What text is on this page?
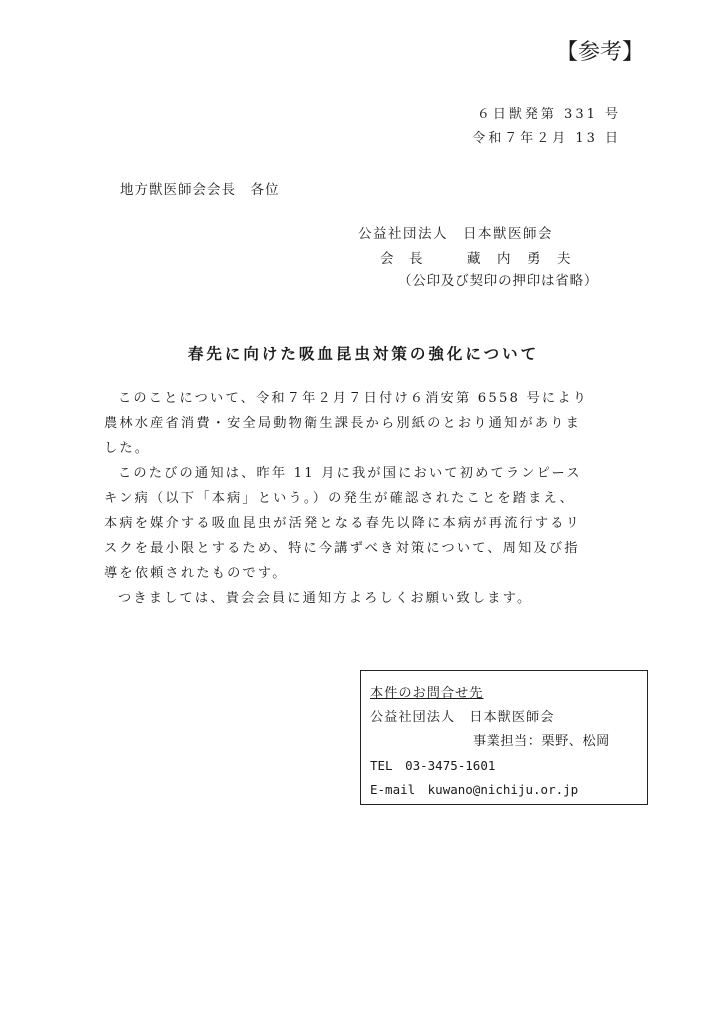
【参考】
６日獣発第 331 号
令和７年２月 13 日
地方獣医師会会長　各位
公益社団法人　日本獣医師会
会　長	藏　内　勇　夫
（公印及び契印の押印は省略）
春先に向けた吸血昆虫対策の強化について
このことについて、令和７年２月７日付け６消安第 6558 号により
農林水産省消費・安全局動物衛生課長から別紙のとおり通知がありま
した。
このたびの通知は、昨年 11 月に我が国において初めてランピース
キン病（以下「本病」という。）の発生が確認されたことを踏まえ、
本病を媒介する吸血昆虫が活発となる春先以降に本病が再流行するリ
スクを最小限とするため、特に今講ずべき対策について、周知及び指
導を依頼されたものです。
つきましては、貴会会員に通知方よろしくお願い致します。
本件のお問合せ先
公益社団法人　日本獣医師会
事業担当：栗野、松岡
TEL　03-3475-1601
E-mail　kuwano@nichiju.or.jp
